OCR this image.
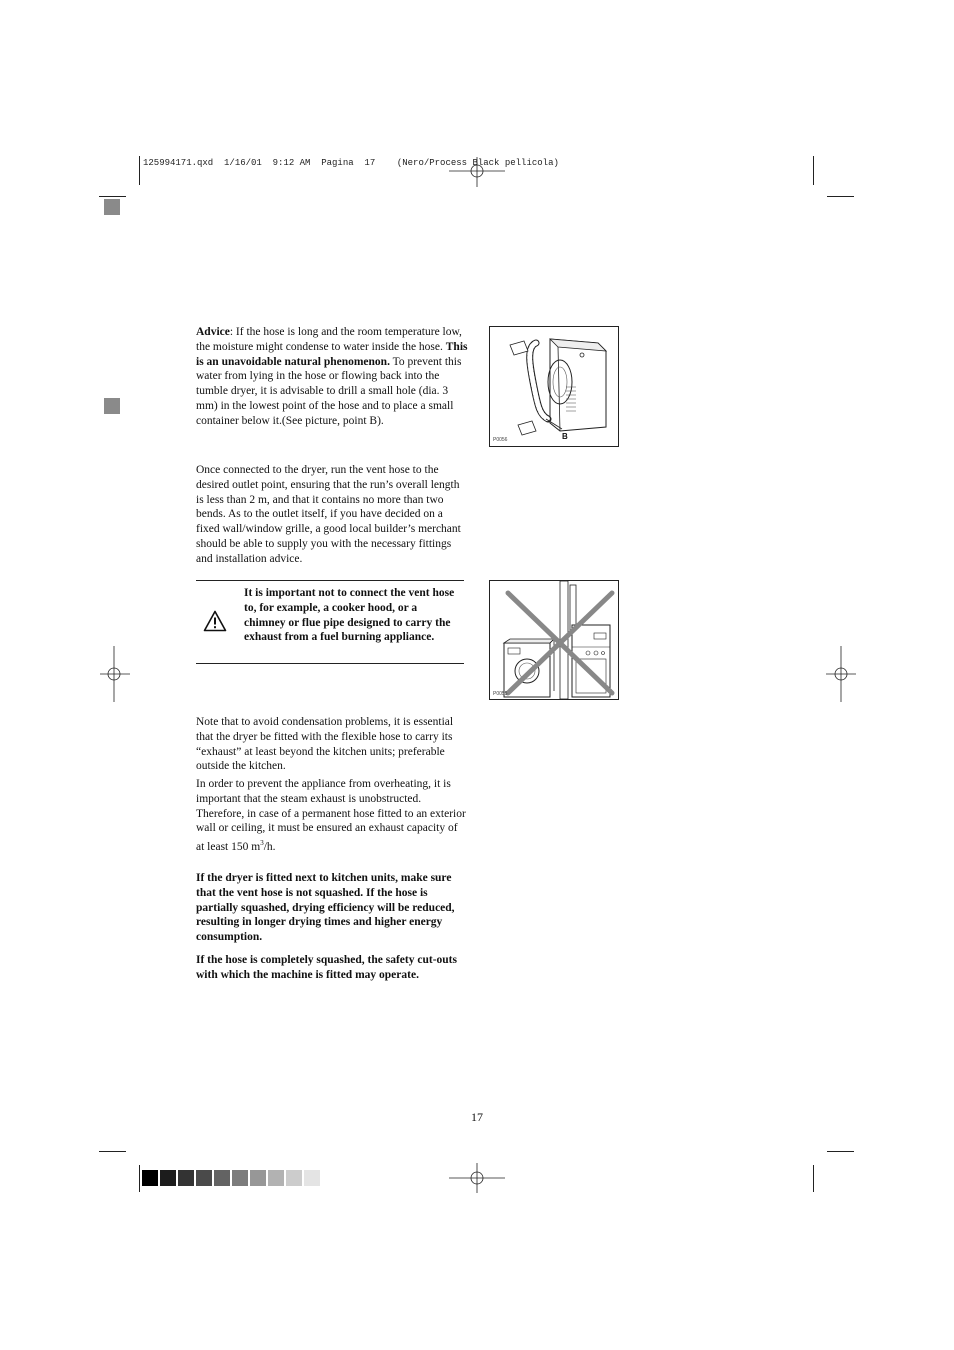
125994171.qxd  1/16/01  9:12 AM  Pagina  17    (Nero/Process Black pellicola)

Advice: If the hose is long and the room temperature low, the moisture might condense to water inside the hose. This is an unavoidable natural phenomenon. To prevent this water from lying in the hose or flowing back into the tumble dryer, it is advisable to drill a small hole (dia. 3 mm) in the lowest point of the hose and to place a small container below it.(See picture, point B).

Once connected to the dryer, run the vent hose to the desired outlet point, ensuring that the run’s overall length is less than 2 m, and that it contains no more than two bends. As to the outlet itself, if you have decided on a fixed wall/window grille, a good local builder’s merchant should be able to supply you with the necessary fittings and installation advice.

It is important not to connect the vent hose to, for example, a cooker hood, or a chimney or flue pipe designed to carry the exhaust from a fuel burning appliance.

Note that to avoid condensation problems, it is essential that the dryer be fitted with the flexible hose to carry its “exhaust” at least beyond the kitchen units; preferable outside the kitchen.

In order to prevent the appliance from overheating, it is important that the steam exhaust is unobstructed. Therefore, in case of a permanent hose fitted to an exterior wall or ceiling, it must be ensured an exhaust capacity of at least 150 $m^3/h$.

If the dryer is fitted next to kitchen units, make sure that the vent hose is not squashed. If the hose is partially squashed, drying efficiency will be reduced, resulting in longer drying times and higher energy consumption.

If the hose is completely squashed, the safety cut-outs with which the machine is fitted may operate.

B
P0056
P0055
17
